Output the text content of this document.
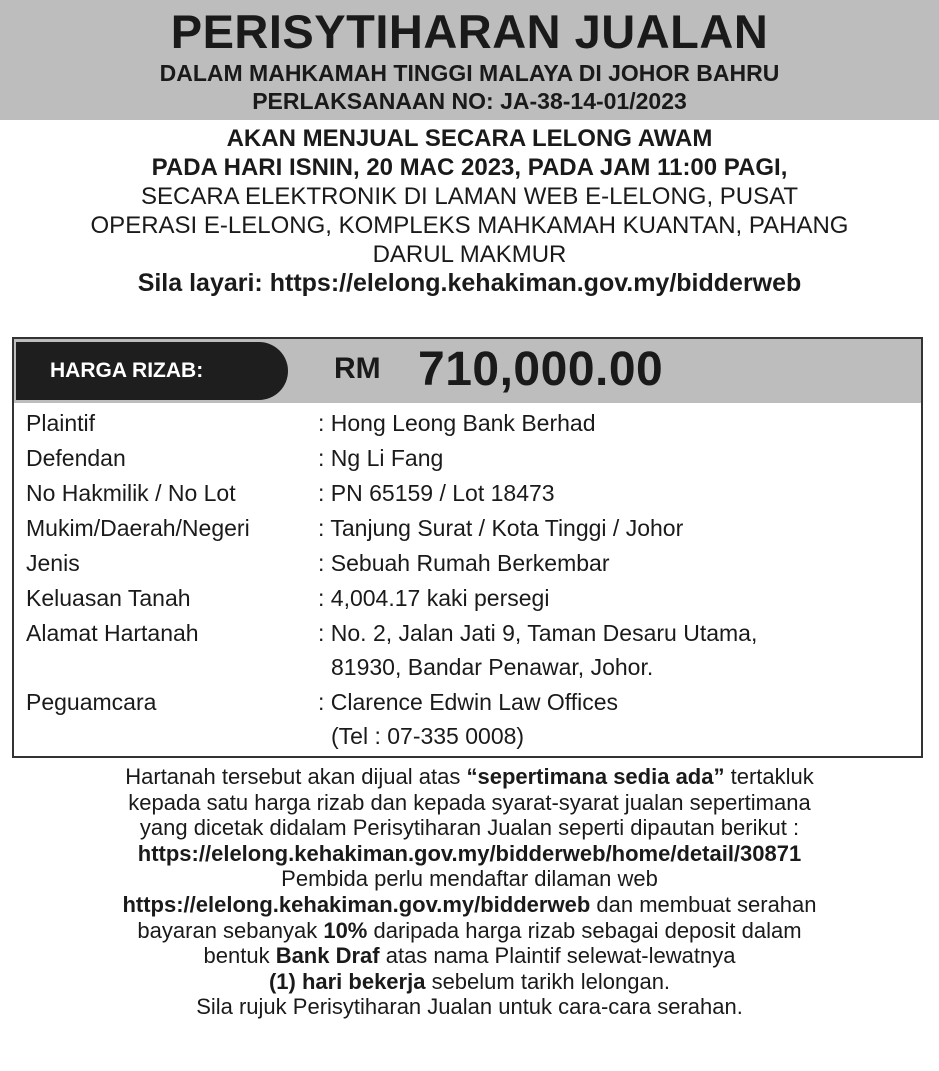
PERISYTIHARAN JUALAN
DALAM MAHKAMAH TINGGI MALAYA DI JOHOR BAHRU
PERLAKSANAAN NO: JA-38-14-01/2023
AKAN MENJUAL SECARA LELONG AWAM
PADA HARI ISNIN, 20 MAC 2023, PADA JAM 11:00 PAGI,
SECARA ELEKTRONIK DI LAMAN WEB E-LELONG, PUSAT
OPERASI E-LELONG, KOMPLEKS MAHKAMAH KUANTAN, PAHANG
DARUL MAKMUR
Sila layari: https://elelong.kehakiman.gov.my/bidderweb
HARGA RIZAB:	RM 710,000.00
Plaintif	: Hong Leong Bank Berhad
Defendan	: Ng Li Fang
No Hakmilik / No Lot	: PN 65159 / Lot 18473
Mukim/Daerah/Negeri	: Tanjung Surat / Kota Tinggi / Johor
Jenis	: Sebuah Rumah Berkembar
Keluasan Tanah	: 4,004.17 kaki persegi
Alamat Hartanah	: No. 2, Jalan Jati 9, Taman Desaru Utama,
81930, Bandar Penawar, Johor.
Peguamcara	: Clarence Edwin Law Offices
(Tel : 07-335 0008)
Hartanah tersebut akan dijual atas “sepertimana sedia ada” tertakluk
kepada satu harga rizab dan kepada syarat-syarat jualan sepertimana
yang dicetak didalam Perisytiharan Jualan seperti dipautan berikut :
https://elelong.kehakiman.gov.my/bidderweb/home/detail/30871
Pembida perlu mendaftar dilaman web
https://elelong.kehakiman.gov.my/bidderweb dan membuat serahan
bayaran sebanyak 10% daripada harga rizab sebagai deposit dalam
bentuk Bank Draf atas nama Plaintif selewat-lewatnya
(1) hari bekerja sebelum tarikh lelongan.
Sila rujuk Perisytiharan Jualan untuk cara-cara serahan.
